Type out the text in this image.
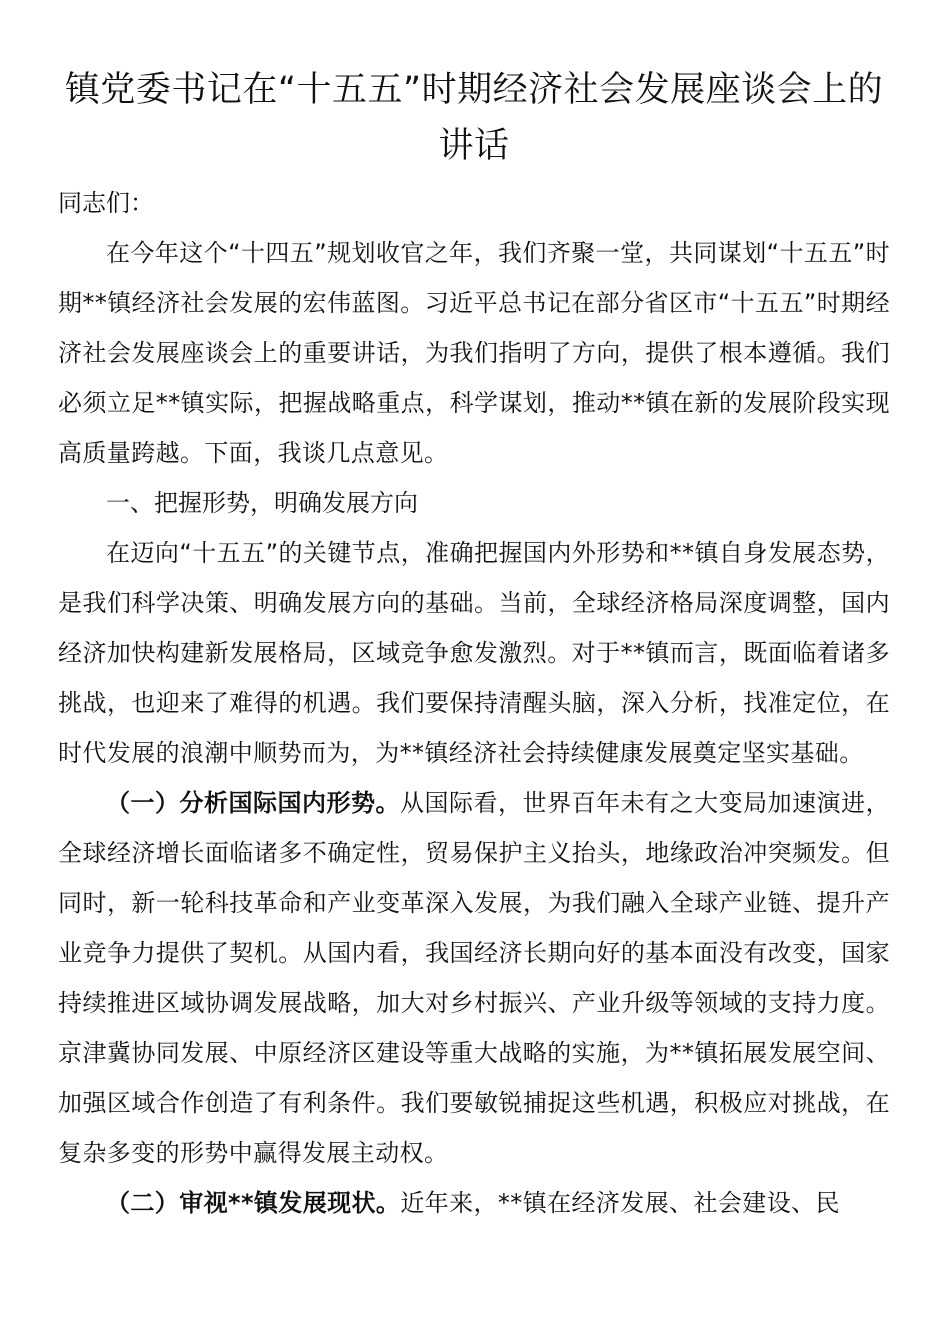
镇党委书记在“十五五”时期经济社会发展座谈会上的讲话

同志们：

在今年这个“十四五”规划收官之年，我们齐聚一堂，共同谋划“十五五”时期**镇经济社会发展的宏伟蓝图。习近平总书记在部分省区市“十五五”时期经济社会发展座谈会上的重要讲话，为我们指明了方向，提供了根本遵循。我们必须立足**镇实际，把握战略重点，科学谋划，推动**镇在新的发展阶段实现高质量跨越。下面，我谈几点意见。

一、把握形势，明确发展方向

在迈向“十五五”的关键节点，准确把握国内外形势和**镇自身发展态势，是我们科学决策、明确发展方向的基础。当前，全球经济格局深度调整，国内经济加快构建新发展格局，区域竞争愈发激烈。对于**镇而言，既面临着诸多挑战，也迎来了难得的机遇。我们要保持清醒头脑，深入分析，找准定位，在时代发展的浪潮中顺势而为，为**镇经济社会持续健康发展奠定坚实基础。

（一）分析国际国内形势。从国际看，世界百年未有之大变局加速演进，全球经济增长面临诸多不确定性，贸易保护主义抬头，地缘政治冲突频发。但同时，新一轮科技革命和产业变革深入发展，为我们融入全球产业链、提升产业竞争力提供了契机。从国内看，我国经济长期向好的基本面没有改变，国家持续推进区域协调发展战略，加大对乡村振兴、产业升级等领域的支持力度。京津冀协同发展、中原经济区建设等重大战略的实施，为**镇拓展发展空间、加强区域合作创造了有利条件。我们要敏锐捕捉这些机遇，积极应对挑战，在复杂多变的形势中赢得发展主动权。

（二）审视**镇发展现状。近年来，**镇在经济发展、社会建设、民
